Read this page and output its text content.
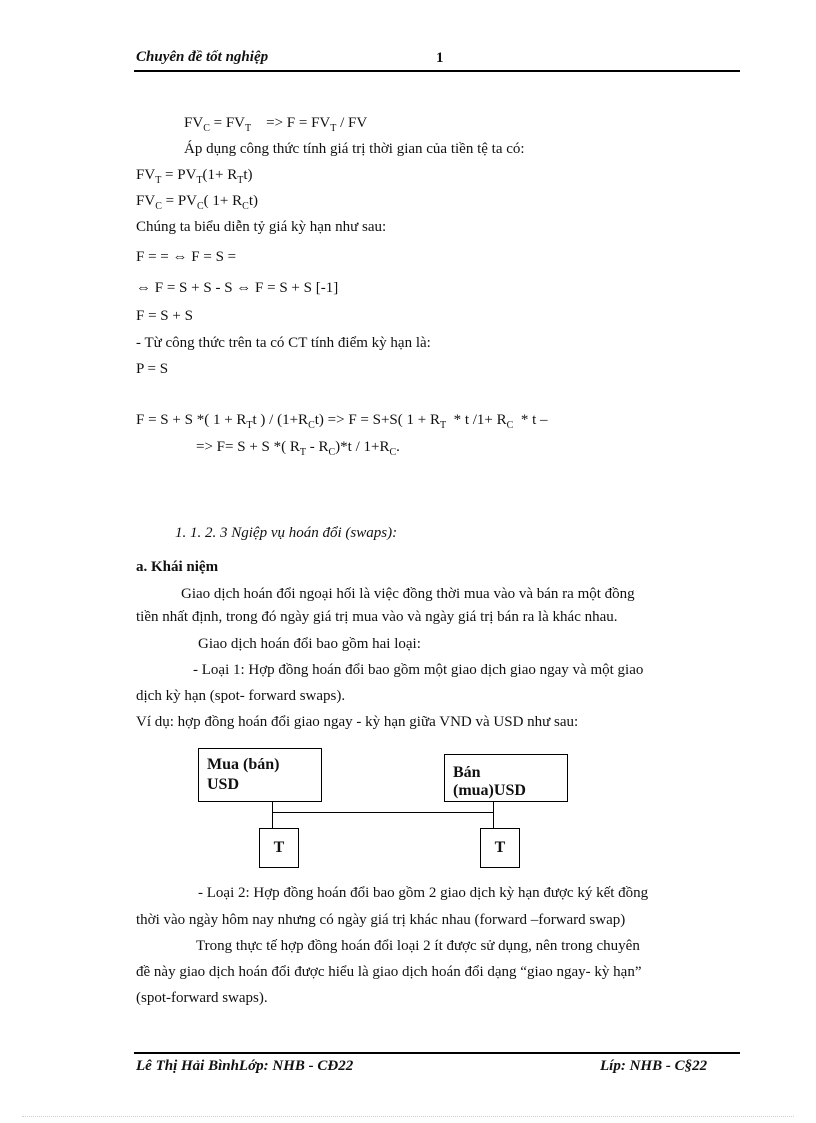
Chuyên đề tốt nghiệp	1
$FV_C = FV_T$    => $F = FV_T$ / FV
Áp dụng công thức tính giá trị thời gian của tiền tệ ta có:
$FV_T = PV_T(1+ R_Tt)$
$FV_C = PV_C$( $1+ R_Ct$)
Chúng ta biểu diễn tỷ giá kỳ hạn như sau:
F = = ⇔ F = S =
⇔ F = S + S - S ⇔ F = S + S [-1]
F = S + S
- Từ công thức trên ta có CT tính điểm kỳ hạn là:
P = S
F = S + S *( $1 + R_Tt$ ) / $(1+R_Ct) => F = S+S$( $1 + R_T * t$ $/1+ R_C * t$ –
=> F= S + S *( $R_T - R_C)*t / 1+R_C$.
1. 1. 2. 3 Ngiệp vụ hoán đổi (swaps):
a. Khái niệm
Giao dịch hoán đổi ngoại hối là việc đồng thời mua vào và bán ra một đồng
tiền nhất định, trong đó ngày giá trị mua vào và ngày giá trị bán ra là khác nhau.
Giao dịch hoán đổi bao gồm hai loại:
- Loại 1: Hợp đồng hoán đổi bao gồm một giao dịch giao ngay và một giao
dịch kỳ hạn (spot- forward swaps).
Ví dụ: hợp đồng hoán đổi giao ngay - kỳ hạn giữa VND và USD như sau:
Mua (bán)
USD
Bán
(mua)USD
T	T
- Loại 2: Hợp đồng hoán đổi bao gồm 2 giao dịch kỳ hạn được ký kết đồng
thời vào ngày hôm nay nhưng có ngày giá trị khác nhau (forward –forward swap)
Trong thực tế hợp đồng hoán đổi loại 2 ít được sử dụng, nên trong chuyên
đề này giao dịch hoán đổi được hiểu là giao dịch hoán đổi dạng “giao ngay- kỳ hạn”
(spot-forward swaps).
Lê Thị Hải BìnhLớp: NHB - CĐ22	Líp: NHB - C§22
